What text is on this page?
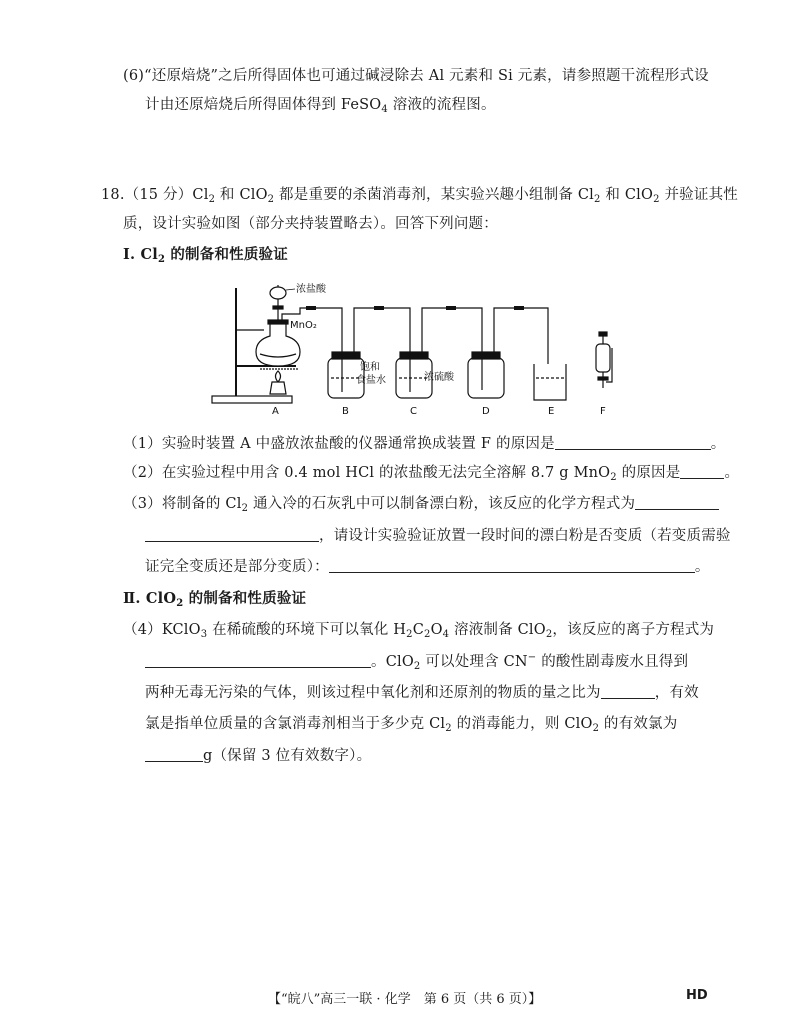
(6)“还原焙烧”之后所得固体也可通过碱浸除去 Al 元素和 Si 元素，请参照题干流程形式设
计由还原焙烧后所得固体得到 FeSO$_4$ 溶液的流程图。
18.（15 分）$Cl_2$ 和 ClO$_2$ 都是重要的杀菌消毒剂，某实验兴趣小组制备 $Cl_2$ 和 ClO$_2$ 并验证其性
质，设计实验如图（部分夹持装置略去）。回答下列问题：
Ⅰ. $Cl_2$ 的制备和性质验证
浓盐酸
MnO₂
饱和
食盐水	浓硫酸
A	B	C	D	E	F
（1）实验时装置 A 中盛放浓盐酸的仪器通常换成装置 F 的原因是	。
（2）在实验过程中用含 0.4 mol HCl 的浓盐酸无法完全溶解 8.7 g MnO$_2$ 的原因是	。
（3）将制备的 $Cl_2$ 通入冷的石灰乳中可以制备漂白粉，该反应的化学方程式为
，请设计实验验证放置一段时间的漂白粉是否变质（若变质需验
证完全变质还是部分变质）：	。
Ⅱ. ClO$_2$ 的制备和性质验证
（4）KClO$_3$ 在稀硫酸的环境下可以氧化 $H_2C_2O_4$ 溶液制备 ClO$_2$，该反应的离子方程式为
。ClO$_2$ 可以处理含 CN− 的酸性剧毒废水且得到
两种无毒无污染的气体，则该过程中氧化剂和还原剂的物质的量之比为	，有效
氯是指单位质量的含氯消毒剂相当于多少克 $Cl_2$ 的消毒能力，则 ClO$_2$ 的有效氯为
g（保留 3 位有效数字）。
【“皖八”高三一联 · 化学　第 6 页（共 6 页）】	HD
